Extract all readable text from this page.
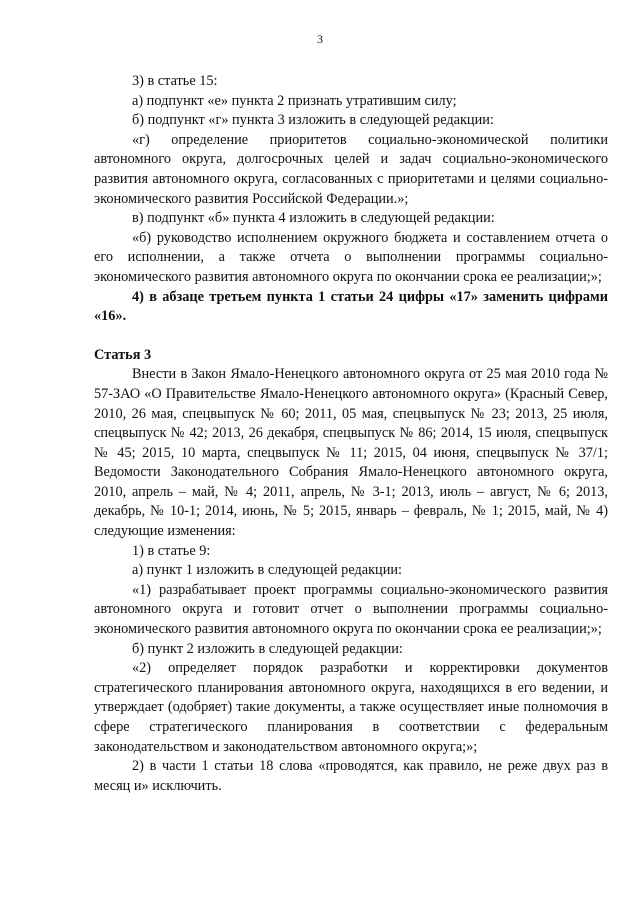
3

3) в статье 15:

а) подпункт «е» пункта 2 признать утратившим силу;

б) подпункт «г» пункта 3 изложить в следующей редакции:

«г) определение приоритетов социально-экономической политики автономного округа, долгосрочных целей и задач социально-экономического развития автономного округа, согласованных с приоритетами и целями социально-экономического развития Российской Федерации.»;

в) подпункт «б» пункта 4 изложить в следующей редакции:

«б) руководство исполнением окружного бюджета и составлением отчета о его исполнении, а также отчета о выполнении программы социально-экономического развития автономного округа по окончании срока ее реализации;»;

4) в абзаце третьем пункта 1 статьи 24 цифры «17» заменить цифрами «16».

Статья 3

Внести в Закон Ямало-Ненецкого автономного округа от 25 мая 2010 года № 57-ЗАО «О Правительстве Ямало-Ненецкого автономного округа» (Красный Север, 2010, 26 мая, спецвыпуск № 60; 2011, 05 мая, спецвыпуск № 23; 2013, 25 июля, спецвыпуск № 42; 2013, 26 декабря, спецвыпуск № 86; 2014, 15 июля, спецвыпуск № 45; 2015, 10 марта, спецвыпуск № 11; 2015, 04 июня, спецвыпуск № 37/1; Ведомости Законодательного Собрания Ямало-Ненецкого автономного округа, 2010, апрель – май, № 4; 2011, апрель, № 3-1; 2013, июль – август, № 6; 2013, декабрь, № 10-1; 2014, июнь, № 5; 2015, январь – февраль, № 1; 2015, май, № 4) следующие изменения:

1) в статье 9:

а) пункт 1 изложить в следующей редакции:

«1) разрабатывает проект программы социально-экономического развития автономного округа и готовит отчет о выполнении программы социально-экономического развития автономного округа по окончании срока ее реализации;»;

б) пункт 2 изложить в следующей редакции:

«2) определяет порядок разработки и корректировки документов стратегического планирования автономного округа, находящихся в его ведении, и утверждает (одобряет) такие документы, а также осуществляет иные полномочия в сфере стратегического планирования в соответствии с федеральным законодательством и законодательством автономного округа;»;

2) в части 1 статьи 18 слова «проводятся, как правило, не реже двух раз в месяц и» исключить.
